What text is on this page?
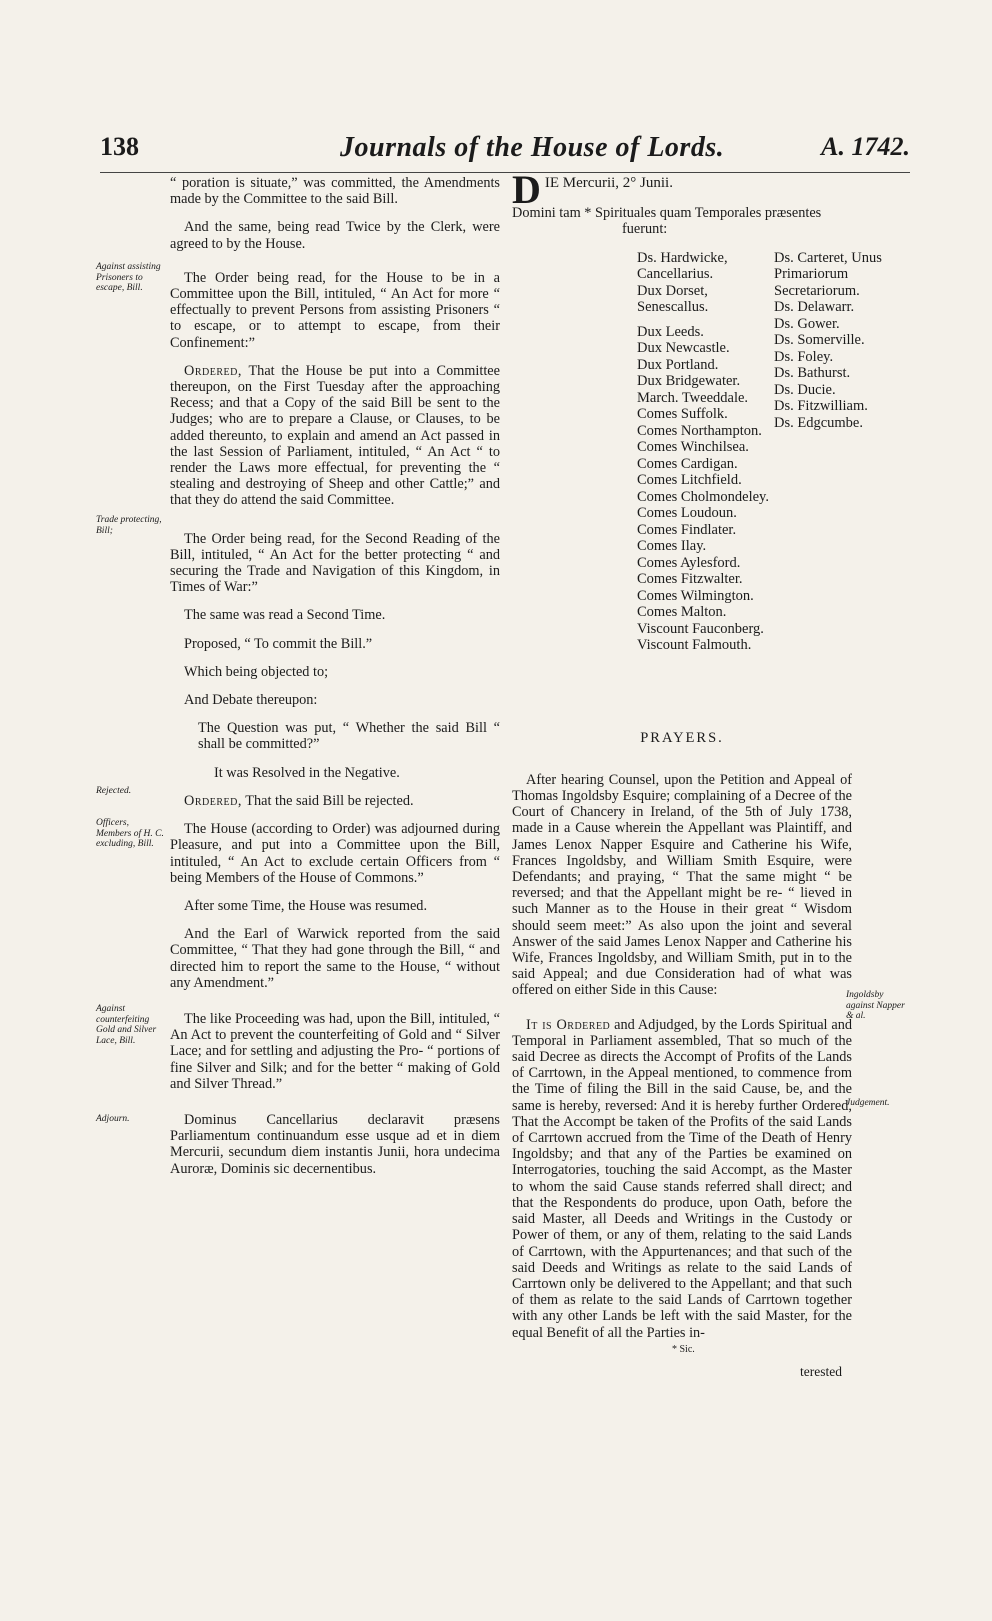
138	Journals of the House of Lords.	A. 1742.
Against assisting Prisoners to escape, Bill.
Trade protecting, Bill;
Rejected.
Officers, Members of H. C. excluding, Bill.
Against counterfeiting Gold and Silver Lace, Bill.
Adjourn.

“ poration is situate,” was committed, the Amendments made by the Committee to the said Bill.

And the same, being read Twice by the Clerk, were agreed to by the House.

The Order being read, for the House to be in a Committee upon the Bill, intituled, “ An Act for more “ effectually to prevent Persons from assisting Prisoners “ to escape, or to attempt to escape, from their Confinement:”

Ordered, That the House be put into a Committee thereupon, on the First Tuesday after the approaching Recess; and that a Copy of the said Bill be sent to the Judges; who are to prepare a Clause, or Clauses, to be added thereunto, to explain and amend an Act passed in the last Session of Parliament, intituled, “ An Act “ to render the Laws more effectual, for preventing the “ stealing and destroying of Sheep and other Cattle;” and that they do attend the said Committee.

The Order being read, for the Second Reading of the Bill, intituled, “ An Act for the better protecting “ and securing the Trade and Navigation of this Kingdom, in Times of War:”

The same was read a Second Time.

Proposed, “ To commit the Bill.”

Which being objected to;

And Debate thereupon:

The Question was put, “ Whether the said Bill “ shall be committed?”

It was Resolved in the Negative.

Ordered, That the said Bill be rejected.

The House (according to Order) was adjourned during Pleasure, and put into a Committee upon the Bill, intituled, “ An Act to exclude certain Officers from “ being Members of the House of Commons.”

After some Time, the House was resumed.

And the Earl of Warwick reported from the said Committee, “ That they had gone through the Bill, “ and directed him to report the same to the House, “ without any Amendment.”

The like Proceeding was had, upon the Bill, intituled, “ An Act to prevent the counterfeiting of Gold and “ Silver Lace; and for settling and adjusting the Pro- “ portions of fine Silver and Silk; and for the better “ making of Gold and Silver Thread.”

Dominus Cancellarius declaravit præsens Parliamentum continuandum esse usque ad et in diem Mercurii, secundum diem instantis Junii, hora undecima Auroræ, Dominis sic decernentibus.

D IE Mercurii, 2° Junii.
Domini tam * Spirituales quam Temporales præsentes
fuerunt:
Ds. Hardwicke, Cancellarius.
Dux Dorset, Senescallus.
Dux Leeds.
Dux Newcastle.
Dux Portland.
Dux Bridgewater.
March. Tweeddale.
Comes Suffolk.
Comes Northampton.
Comes Winchilsea.
Comes Cardigan.
Comes Litchfield.
Comes Cholmondeley.
Comes Loudoun.
Comes Findlater.
Comes Ilay.
Comes Aylesford.
Comes Fitzwalter.
Comes Wilmington.
Comes Malton.
Viscount Fauconberg.
Viscount Falmouth.
Ds. Carteret, Unus Primariorum Secretariorum.
Ds. Delawarr.
Ds. Gower.
Ds. Somerville.
Ds. Foley.
Ds. Bathurst.
Ds. Ducie.
Ds. Fitzwilliam.
Ds. Edgcumbe.
PRAYERS.

After hearing Counsel, upon the Petition and Appeal of Thomas Ingoldsby Esquire; complaining of a Decree of the Court of Chancery in Ireland, of the 5th of July 1738, made in a Cause wherein the Appellant was Plaintiff, and James Lenox Napper Esquire and Catherine his Wife, Frances Ingoldsby, and William Smith Esquire, were Defendants; and praying, “ That the same might “ be reversed; and that the Appellant might be re- “ lieved in such Manner as to the House in their great “ Wisdom should seem meet:” As also upon the joint and several Answer of the said James Lenox Napper and Catherine his Wife, Frances Ingoldsby, and William Smith, put in to the said Appeal; and due Consideration had of what was offered on either Side in this Cause:

It is Ordered and Adjudged, by the Lords Spiritual and Temporal in Parliament assembled, That so much of the said Decree as directs the Accompt of Profits of the Lands of Carrtown, in the Appeal mentioned, to commence from the Time of filing the Bill in the said Cause, be, and the same is hereby, reversed: And it is hereby further Ordered, That the Accompt be taken of the Profits of the said Lands of Carrtown accrued from the Time of the Death of Henry Ingoldsby; and that any of the Parties be examined on Interrogatories, touching the said Accompt, as the Master to whom the said Cause stands referred shall direct; and that the Respondents do produce, upon Oath, before the said Master, all Deeds and Writings in the Custody or Power of them, or any of them, relating to the said Lands of Carrtown, with the Appurtenances; and that such of the said Deeds and Writings as relate to the said Lands of Carrtown only be delivered to the Appellant; and that such of them as relate to the said Lands of Carrtown together with any other Lands be left with the said Master, for the equal Benefit of all the Parties in-

Ingoldsby against Napper & al.
Judgement.
* Sic.
terested
